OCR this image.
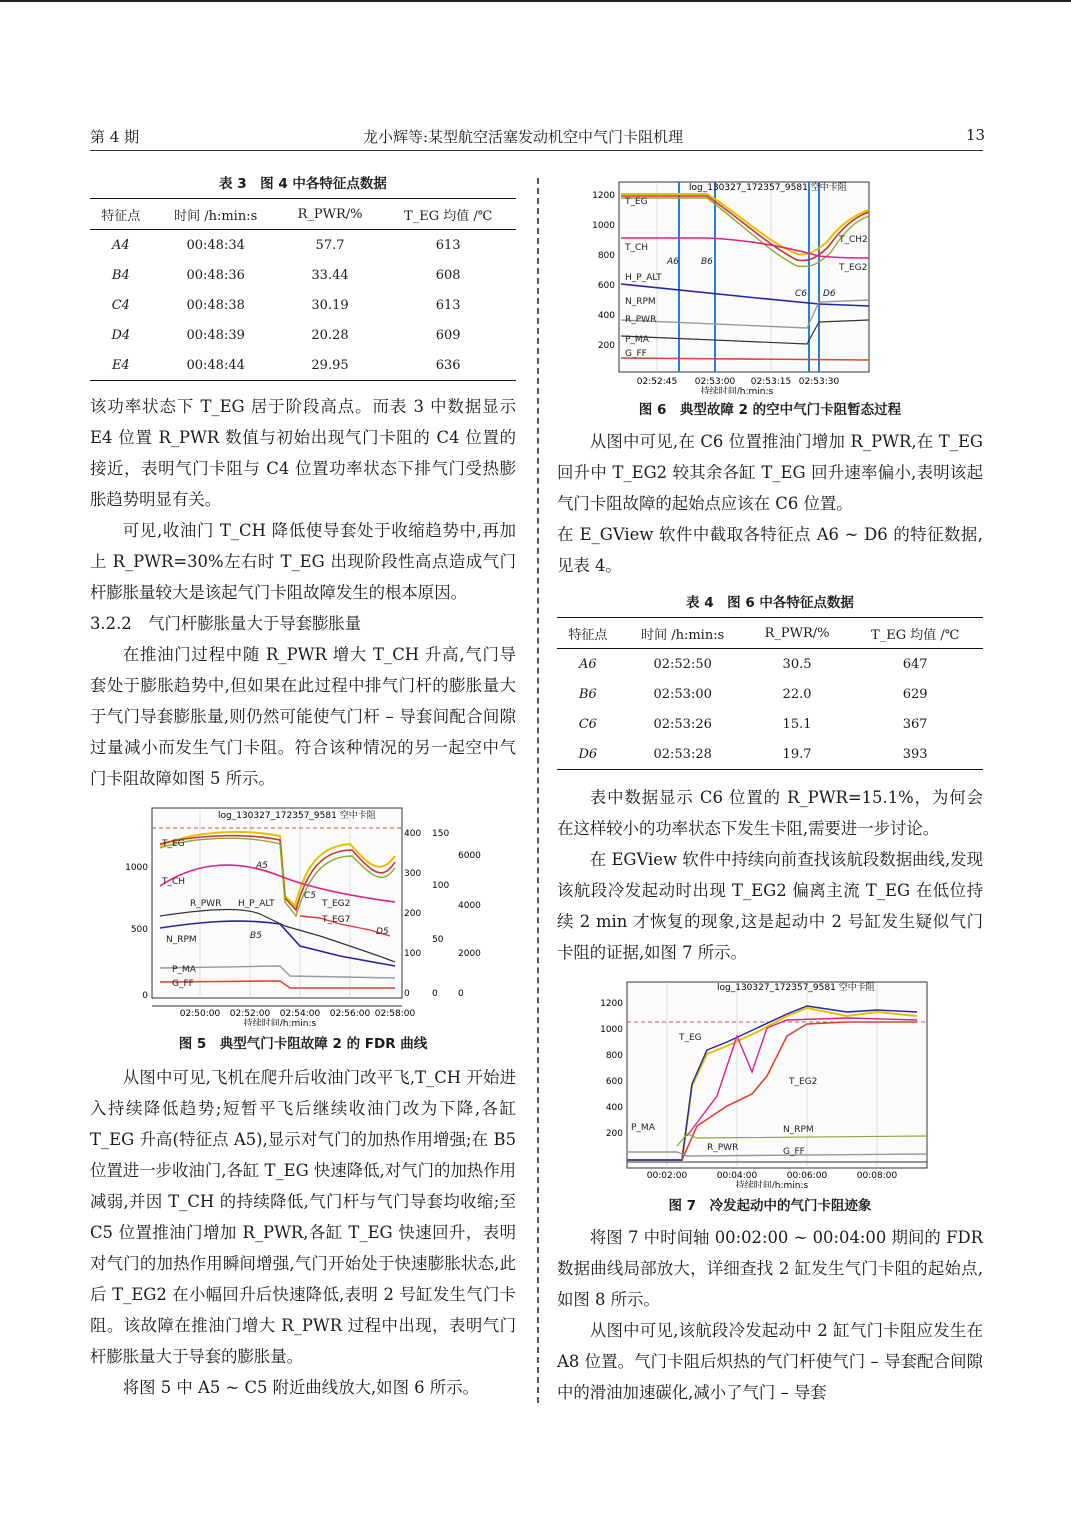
第 4 期	龙小辉等:某型航空活塞发动机空中气门卡阻机理	13
表 3　图 4 中各特征点数据
特征点	时间 /h:min:s	R_PWR/%	T_EG 均值 /℃
A4	00:48:34	57.7	613
B4	00:48:36	33.44	608
C4	00:48:38	30.19	613
D4	00:48:39	20.28	609
E4	00:48:44	29.95	636

该功率状态下 T_EG 居于阶段高点。而表 3 中数据显示 E4 位置 R_PWR 数值与初始出现气门卡阻的 C4 位置的接近，表明气门卡阻与 C4 位置功率状态下排气门受热膨胀趋势明显有关。

可见,收油门 T_CH 降低使导套处于收缩趋势中,再加上 R_PWR=30%左右时 T_EG 出现阶段性高点造成气门杆膨胀量较大是该起气门卡阻故障发生的根本原因。

3.2.2　气门杆膨胀量大于导套膨胀量

在推油门过程中随 R_PWR 增大 T_CH 升高,气门导套处于膨胀趋势中,但如果在此过程中排气门杆的膨胀量大于气门导套膨胀量,则仍然可能使气门杆 – 导套间配合间隙过量减小而发生气门卡阻。符合该种情况的另一起空中气门卡阻故障如图 5 所示。

T_EG
T_CH
R_PWR H_P_ALT
N_RPM
P_MA
G_FF
A5
B5
C5
D5
T_EG2
T_EG7
log_130327_172357_9581 空中卡阻
1000
500
0
400
300
200
100
0
150
100
50
0
6000
4000
2000
0
02:50:00 02:52:00 02:54:00 02:56:00 02:58:00
持续时间/h:min:s
图 5　典型气门卡阻故障 2 的 FDR 曲线

从图中可见,飞机在爬升后收油门改平飞,T_CH 开始进入持续降低趋势;短暂平飞后继续收油门改为下降,各缸 T_EG 升高(特征点 A5),显示对气门的加热作用增强;在 B5 位置进一步收油门,各缸 T_EG 快速降低,对气门的加热作用减弱,并因 T_CH 的持续降低,气门杆与气门导套均收缩;至 C5 位置推油门增加 R_PWR,各缸 T_EG 快速回升，表明对气门的加热作用瞬间增强,气门开始处于快速膨胀状态,此后 T_EG2 在小幅回升后快速降低,表明 2 号缸发生气门卡阻。该故障在推油门增大 R_PWR 过程中出现，表明气门杆膨胀量大于导套的膨胀量。

将图 5 中 A5 ~ C5 附近曲线放大,如图 6 所示。

T_EG
T_CH
H_P_ALT
N_RPM
R_PWR
P_MA
G_FF
A6 B6
C6 D6
T_CH2
T_EG2
log_130327_172357_9581 空中卡阻
1200
1000
800
600
400
200
02:52:45 02:53:00 02:53:15 02:53:30
持续时间/h:min:s
图 6　典型故障 2 的空中气门卡阻暂态过程

从图中可见,在 C6 位置推油门增加 R_PWR,在 T_EG 回升中 T_EG2 较其余各缸 T_EG 回升速率偏小,表明该起气门卡阻故障的起始点应该在 C6 位置。

在 E_GView 软件中截取各特征点 A6 ~ D6 的特征数据,见表 4。

表 4　图 6 中各特征点数据
特征点	时间 /h:min:s	R_PWR/%	T_EG 均值 /℃
A6	02:52:50	30.5	647
B6	02:53:00	22.0	629
C6	02:53:26	15.1	367
D6	02:53:28	19.7	393

表中数据显示 C6 位置的 R_PWR=15.1%，为何会在这样较小的功率状态下发生卡阻,需要进一步讨论。

在 EGView 软件中持续向前查找该航段数据曲线,发现该航段冷发起动时出现 T_EG2 偏离主流 T_EG 在低位持续 2 min 才恢复的现象,这是起动中 2 号缸发生疑似气门卡阻的证据,如图 7 所示。

T_EG
T_EG2
P_MA	N_RPM
G_FF
R_PWR
log_130327_172357_9581 空中卡阻
1200
1000
800
600
400
200
00:02:00	00:04:00	00:06:00	00:08:00
持续时间/h:min:s
图 7　冷发起动中的气门卡阻迹象

将图 7 中时间轴 00:02:00 ~ 00:04:00 期间的 FDR 数据曲线局部放大，详细查找 2 缸发生气门卡阻的起始点,如图 8 所示。

从图中可见,该航段冷发起动中 2 缸气门卡阻应发生在 A8 位置。气门卡阻后炽热的气门杆使气门 – 导套配合间隙中的滑油加速碳化,减小了气门 – 导套
